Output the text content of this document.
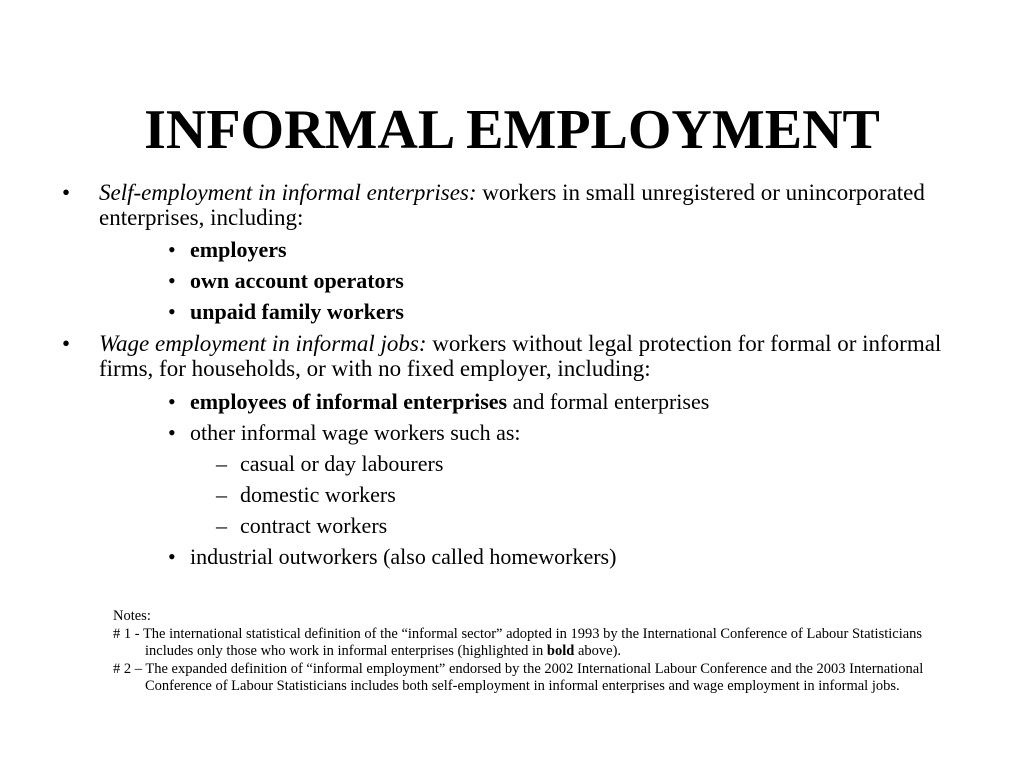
INFORMAL EMPLOYMENT
• Self-employment in informal enterprises: workers in small unregistered or unincorporated enterprises, including:
• employers
• own account operators
• unpaid family workers
• Wage employment in informal jobs: workers without legal protection for formal or informal firms, for households, or with no fixed employer, including:
• employees of informal enterprises and formal enterprises
• other informal wage workers such as:
– casual or day labourers
– domestic workers
– contract workers
• industrial outworkers (also called homeworkers)
Notes:
# 1 - The international statistical definition of the “informal sector” adopted in 1993 by the International Conference of Labour Statisticians includes only those who work in informal enterprises (highlighted in bold above).
# 2 – The expanded definition of “informal employment” endorsed by the 2002 International Labour Conference and the 2003 International Conference of Labour Statisticians includes both self-employment in informal enterprises and wage employment in informal jobs.
